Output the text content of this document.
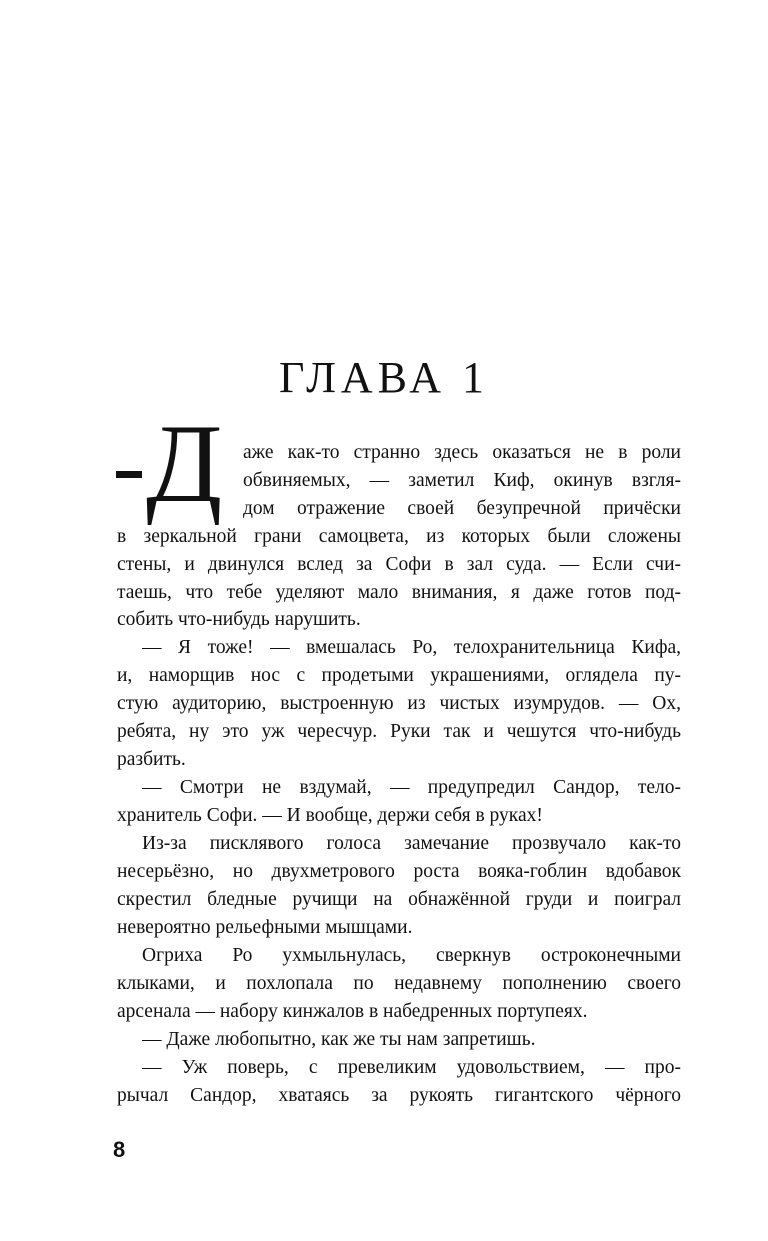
ГЛАВА 1
Д аже как-то странно здесь оказаться не в роли
обвиняемых, — заметил Киф, окинув взгля-
дом отражение своей безупречной причёски
в зеркальной грани самоцвета, из которых были сложены
стены, и двинулся вслед за Софи в зал суда. — Если счи-
таешь, что тебе уделяют мало внимания, я даже готов под-
собить что-нибудь нарушить.
— Я тоже! — вмешалась Ро, телохранительница Кифа,
и, наморщив нос с продетыми украшениями, оглядела пу-
стую аудиторию, выстроенную из чистых изумрудов. — Ох,
ребята, ну это уж чересчур. Руки так и чешутся что-нибудь
разбить.
— Смотри не вздумай, — предупредил Сандор, тело-
хранитель Софи. — И вообще, держи себя в руках!
Из-за писклявого голоса замечание прозвучало как-то
несерьёзно, но двухметрового роста вояка-гоблин вдобавок
скрестил бледные ручищи на обнажённой груди и поиграл
невероятно рельефными мышцами.
Огриха Ро ухмыльнулась, сверкнув остроконечными
клыками, и похлопала по недавнему пополнению своего
арсенала — набору кинжалов в набедренных портупеях.
— Даже любопытно, как же ты нам запретишь.
— Уж поверь, с превеликим удовольствием, — про-
рычал Сандор, хватаясь за рукоять гигантского чёрного
8
